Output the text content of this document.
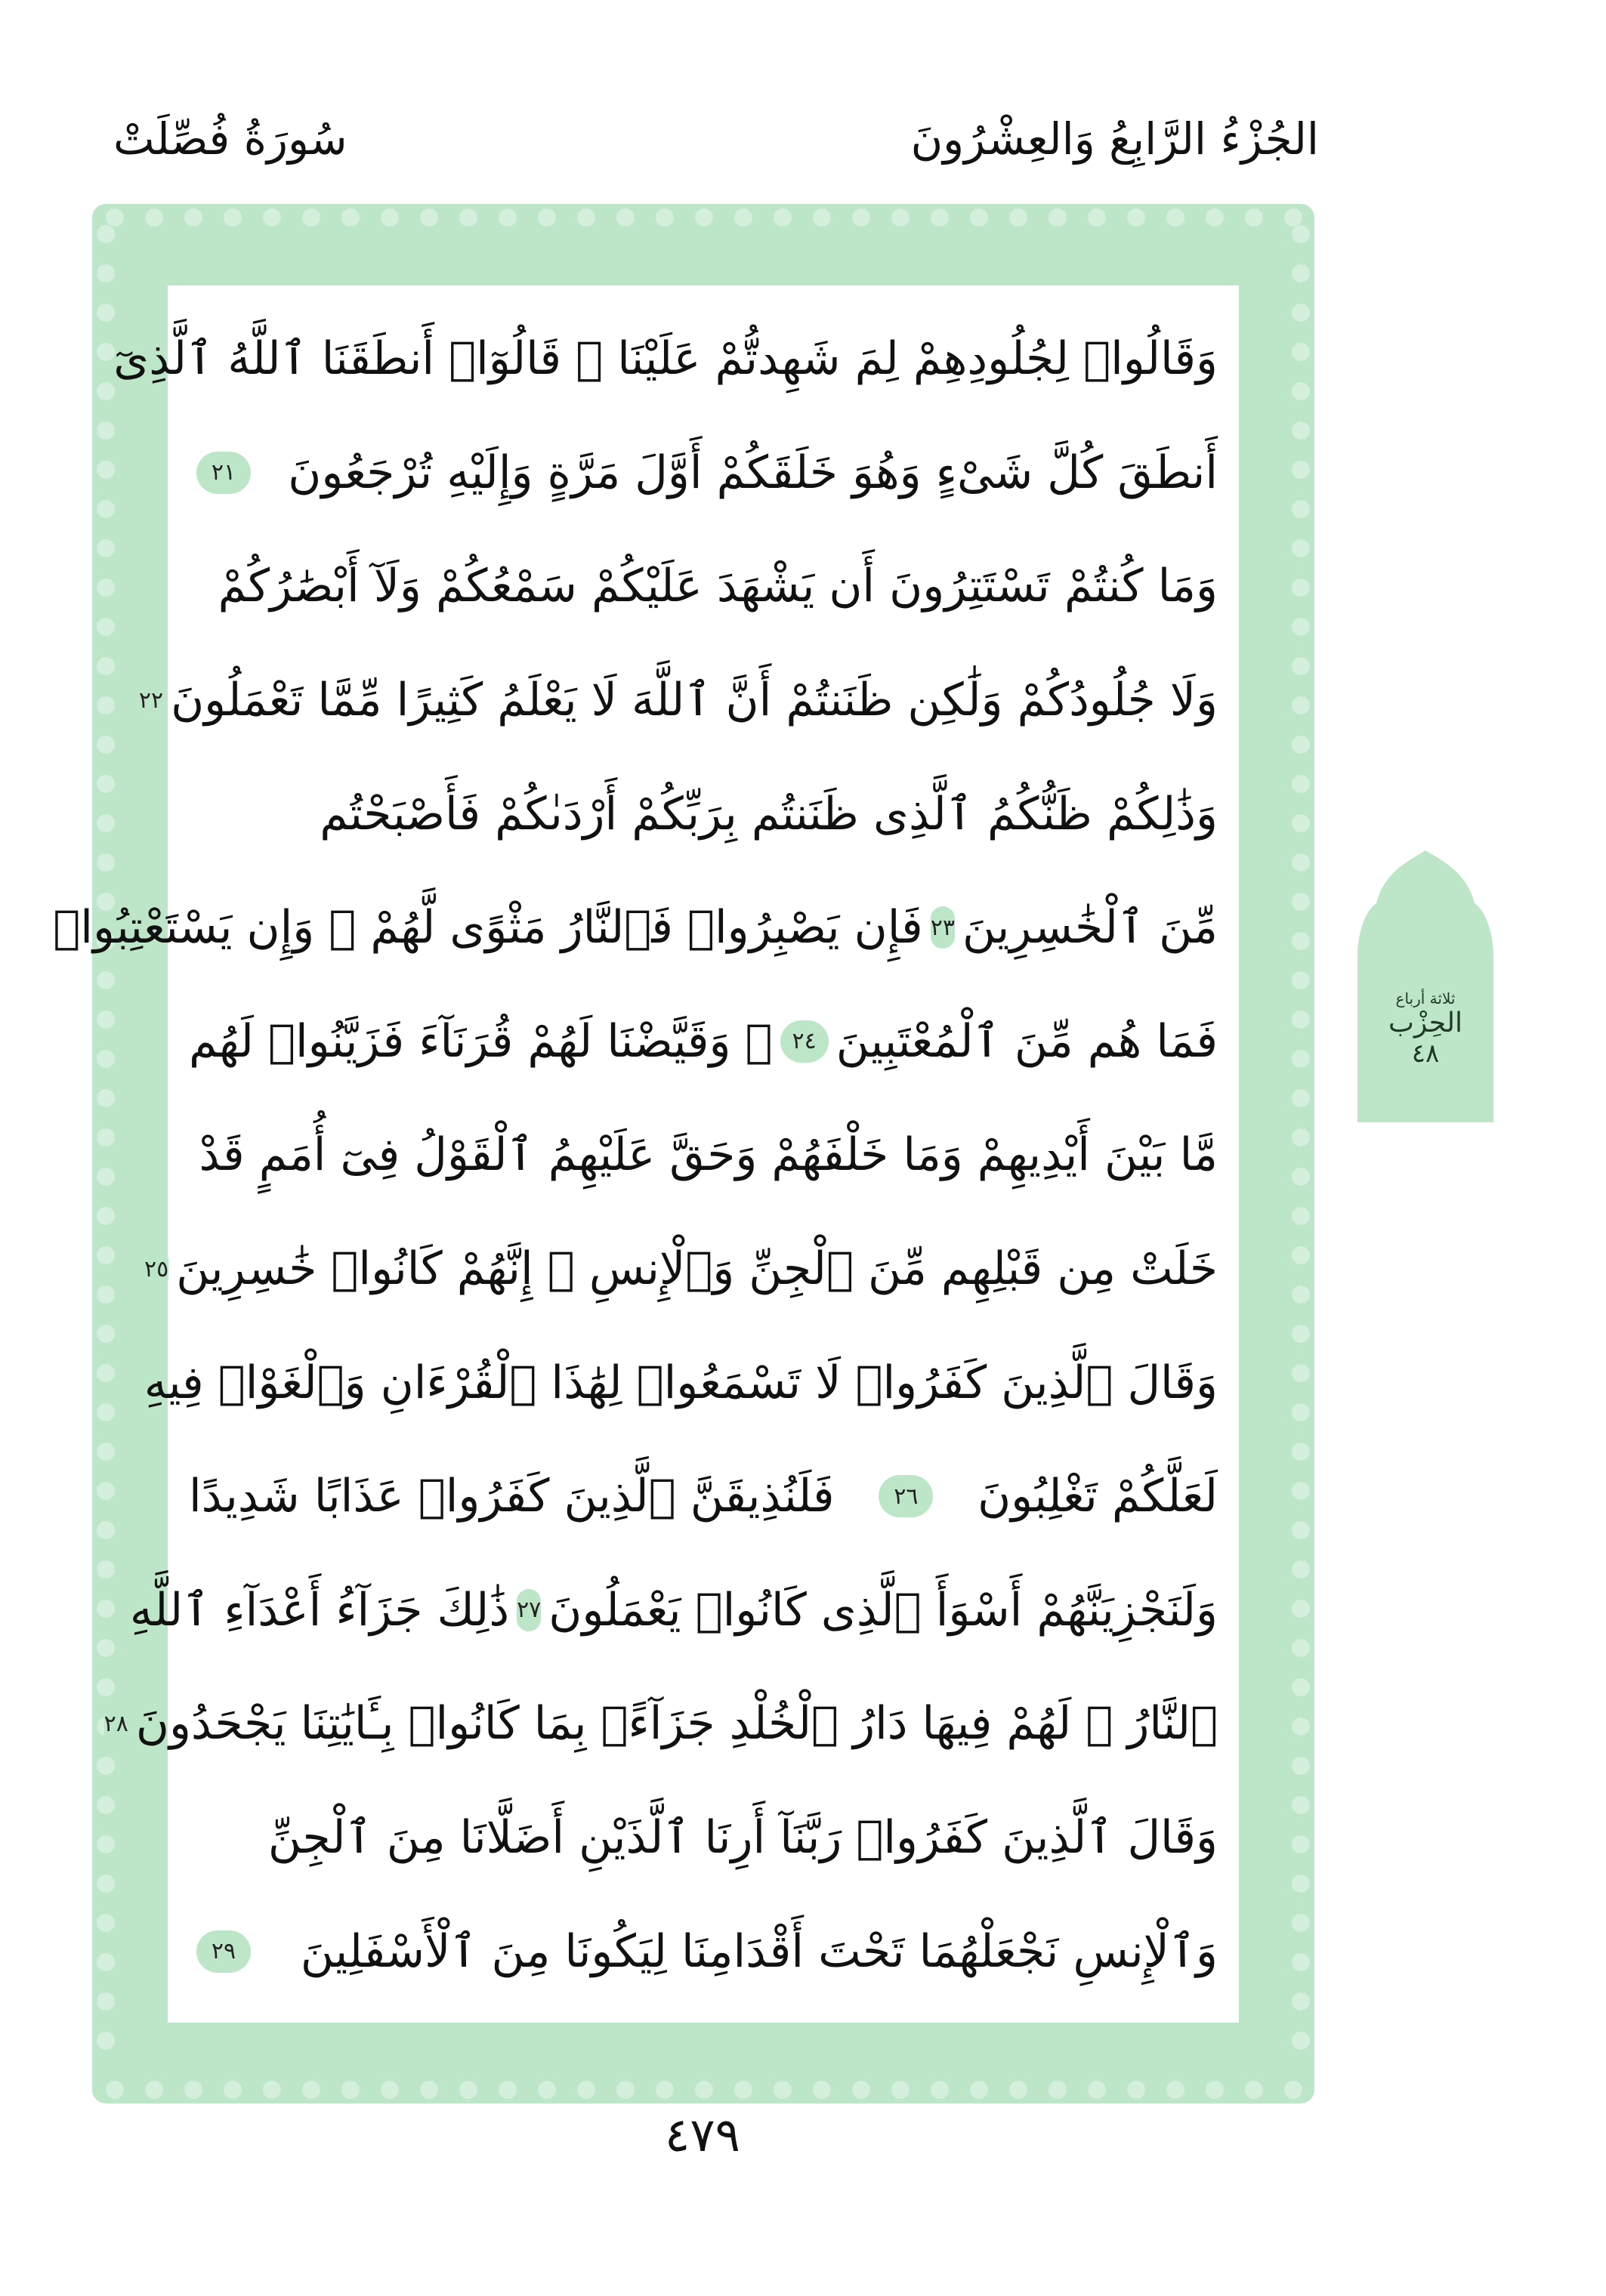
الجُزْءُ الرَّابِعُ وَالعِشْرُونَ
سُورَةُ فُصِّلَتْ
وَقَالُوا۟ لِجُلُودِهِمْ لِمَ شَهِدتُّمْ عَلَيْنَا ۖ قَالُوٓا۟ أَنطَقَنَا ٱللَّهُ ٱلَّذِىٓ
أَنطَقَ كُلَّ شَىْءٍ وَهُوَ خَلَقَكُمْ أَوَّلَ مَرَّةٍ وَإِلَيْهِ تُرْجَعُونَ
٢١
وَمَا كُنتُمْ تَسْتَتِرُونَ أَن يَشْهَدَ عَلَيْكُمْ سَمْعُكُمْ وَلَآ أَبْصَٰرُكُمْ
وَلَا جُلُودُكُمْ وَلَٰكِن ظَنَنتُمْ أَنَّ ٱللَّهَ لَا يَعْلَمُ كَثِيرًا مِّمَّا تَعْمَلُونَ
٢٢
وَذَٰلِكُمْ ظَنُّكُمُ ٱلَّذِى ظَنَنتُم بِرَبِّكُمْ أَرْدَىٰكُمْ فَأَصْبَحْتُم
مِّنَ ٱلْخَٰسِرِينَ
٢٣
فَإِن يَصْبِرُوا۟ فَٱلنَّارُ مَثْوًى لَّهُمْ ۖ وَإِن يَسْتَعْتِبُوا۟
فَمَا هُم مِّنَ ٱلْمُعْتَبِينَ
٢٤
۞ وَقَيَّضْنَا لَهُمْ قُرَنَآءَ فَزَيَّنُوا۟ لَهُم
مَّا بَيْنَ أَيْدِيهِمْ وَمَا خَلْفَهُمْ وَحَقَّ عَلَيْهِمُ ٱلْقَوْلُ فِىٓ أُمَمٍ قَدْ
خَلَتْ مِن قَبْلِهِم مِّنَ ٱلْجِنِّ وَٱلْإِنسِ ۖ إِنَّهُمْ كَانُوا۟ خَٰسِرِينَ
٢٥
وَقَالَ ٱلَّذِينَ كَفَرُوا۟ لَا تَسْمَعُوا۟ لِهَٰذَا ٱلْقُرْءَانِ وَٱلْغَوْا۟ فِيهِ
لَعَلَّكُمْ تَغْلِبُونَ
٢٦
فَلَنُذِيقَنَّ ٱلَّذِينَ كَفَرُوا۟ عَذَابًا شَدِيدًا
وَلَنَجْزِيَنَّهُمْ أَسْوَأَ ٱلَّذِى كَانُوا۟ يَعْمَلُونَ
٢٧
ذَٰلِكَ جَزَآءُ أَعْدَآءِ ٱللَّهِ
ٱلنَّارُ ۖ لَهُمْ فِيهَا دَارُ ٱلْخُلْدِ جَزَآءًۢ بِمَا كَانُوا۟ بِـَٔايَٰتِنَا يَجْحَدُونَ
٢٨
وَقَالَ ٱلَّذِينَ كَفَرُوا۟ رَبَّنَآ أَرِنَا ٱلَّذَيْنِ أَضَلَّانَا مِنَ ٱلْجِنِّ
وَٱلْإِنسِ نَجْعَلْهُمَا تَحْتَ أَقْدَامِنَا لِيَكُونَا مِنَ ٱلْأَسْفَلِينَ
٢٩
ثلاثة أرباع
الحِزْب
٤٨
٤٧٩
